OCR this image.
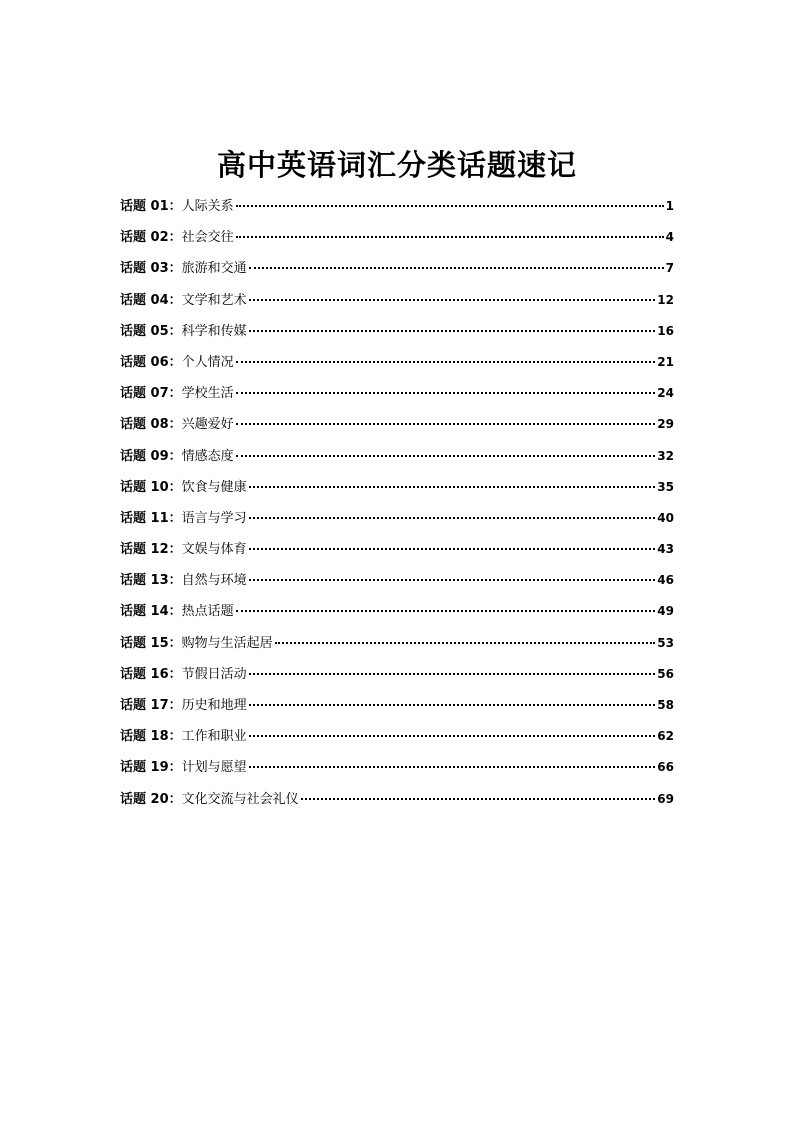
高中英语词汇分类话题速记
话题 01：人际关系	1
话题 02：社会交往	4
话题 03：旅游和交通	7
话题 04：文学和艺术	12
话题 05：科学和传媒	16
话题 06：个人情况	21
话题 07：学校生活	24
话题 08：兴趣爱好	29
话题 09：情感态度	32
话题 10：饮食与健康	35
话题 11：语言与学习	40
话题 12：文娱与体育	43
话题 13：自然与环境	46
话题 14：热点话题	49
话题 15：购物与生活起居	53
话题 16：节假日活动	56
话题 17：历史和地理	58
话题 18：工作和职业	62
话题 19：计划与愿望	66
话题 20：文化交流与社会礼仪	69
